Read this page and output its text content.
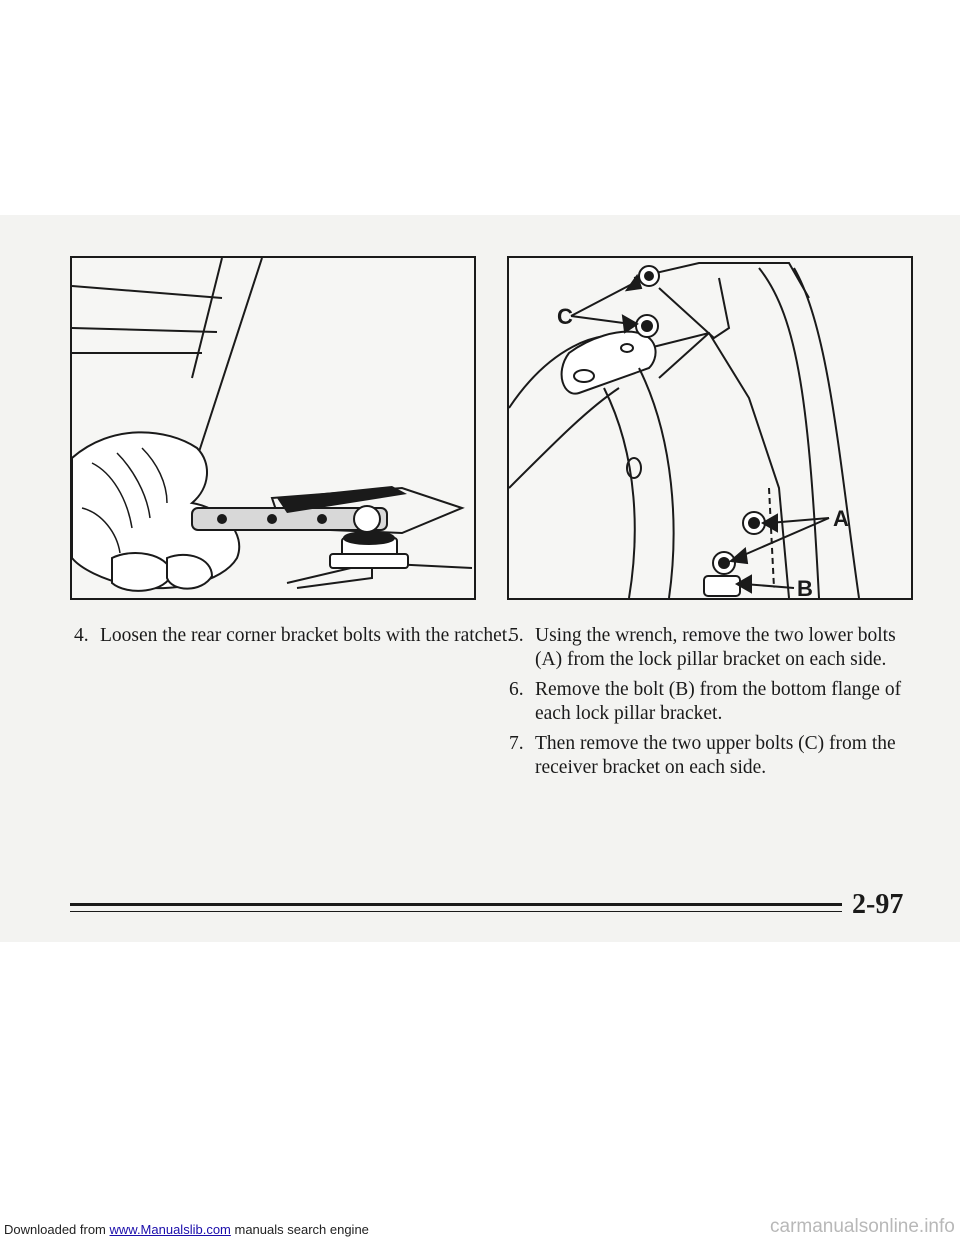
C
A
B
4. Loosen the rear corner bracket bolts with the ratchet.
5. Using the wrench, remove the two lower bolts (A) from the lock pillar bracket on each side.
6. Remove the bolt (B) from the bottom flange of each lock pillar bracket.
7. Then remove the two upper bolts (C) from the receiver bracket on each side.
2-97
Downloaded from www.Manualslib.com manuals search engine	carmanualsonline.info
